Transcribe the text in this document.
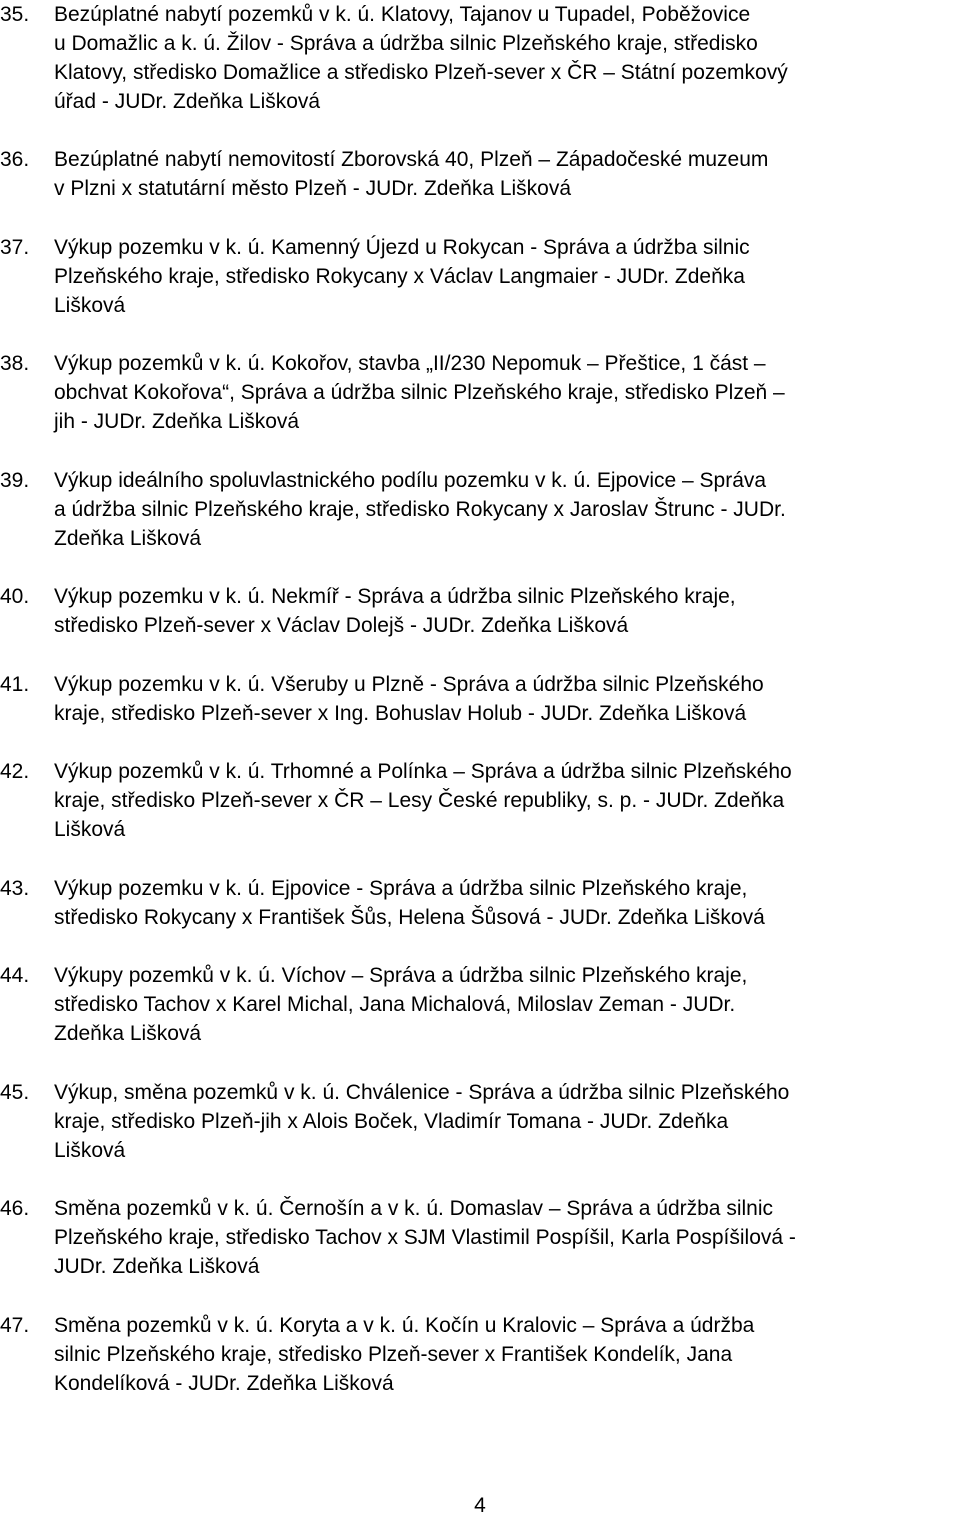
35.	Bezúplatné nabytí pozemků v k. ú. Klatovy, Tajanov u Tupadel, Poběžovice
u Domažlic a k. ú. Žilov - Správa a údržba silnic Plzeňského kraje, středisko
Klatovy, středisko Domažlice a středisko Plzeň-sever x ČR – Státní pozemkový
úřad - JUDr. Zdeňka Lišková
36.	Bezúplatné nabytí nemovitostí Zborovská 40, Plzeň – Západočeské muzeum
v Plzni x statutární město Plzeň - JUDr. Zdeňka Lišková
37.	Výkup pozemku v k. ú. Kamenný Újezd u Rokycan - Správa a údržba silnic
Plzeňského kraje, středisko Rokycany x Václav Langmaier - JUDr. Zdeňka
Lišková
38.	Výkup pozemků v k. ú. Kokořov, stavba „II/230 Nepomuk – Přeštice, 1 část –
obchvat Kokořova“, Správa a údržba silnic Plzeňského kraje, středisko Plzeň –
jih - JUDr. Zdeňka Lišková
39.	Výkup ideálního spoluvlastnického podílu pozemku v k. ú. Ejpovice – Správa
a údržba silnic Plzeňského kraje, středisko Rokycany x Jaroslav Štrunc - JUDr.
Zdeňka Lišková
40.	Výkup pozemku v k. ú. Nekmíř - Správa a údržba silnic Plzeňského kraje,
středisko Plzeň-sever x Václav Dolejš - JUDr. Zdeňka Lišková
41.	Výkup pozemku v k. ú. Všeruby u Plzně - Správa a údržba silnic Plzeňského
kraje, středisko Plzeň-sever x Ing. Bohuslav Holub - JUDr. Zdeňka Lišková
42.	Výkup pozemků v k. ú. Trhomné a Polínka – Správa a údržba silnic Plzeňského
kraje, středisko Plzeň-sever x ČR – Lesy České republiky, s. p. - JUDr. Zdeňka
Lišková
43.	Výkup pozemku v k. ú. Ejpovice - Správa a údržba silnic Plzeňského kraje,
středisko Rokycany x František Šůs, Helena Šůsová - JUDr. Zdeňka Lišková
44.	Výkupy pozemků v k. ú. Víchov – Správa a údržba silnic Plzeňského kraje,
středisko Tachov x Karel Michal, Jana Michalová, Miloslav Zeman - JUDr.
Zdeňka Lišková
45.	Výkup, směna pozemků v k. ú. Chválenice - Správa a údržba silnic Plzeňského
kraje, středisko Plzeň-jih x Alois Boček, Vladimír Tomana - JUDr. Zdeňka
Lišková
46.	Směna pozemků v k. ú. Černošín a v k. ú. Domaslav – Správa a údržba silnic
Plzeňského kraje, středisko Tachov x SJM Vlastimil Pospíšil, Karla Pospíšilová -
JUDr. Zdeňka Lišková
47.	Směna pozemků v k. ú. Koryta a v k. ú. Kočín u Kralovic – Správa a údržba
silnic Plzeňského kraje, středisko Plzeň-sever x František Kondelík, Jana
Kondelíková - JUDr. Zdeňka Lišková
4
